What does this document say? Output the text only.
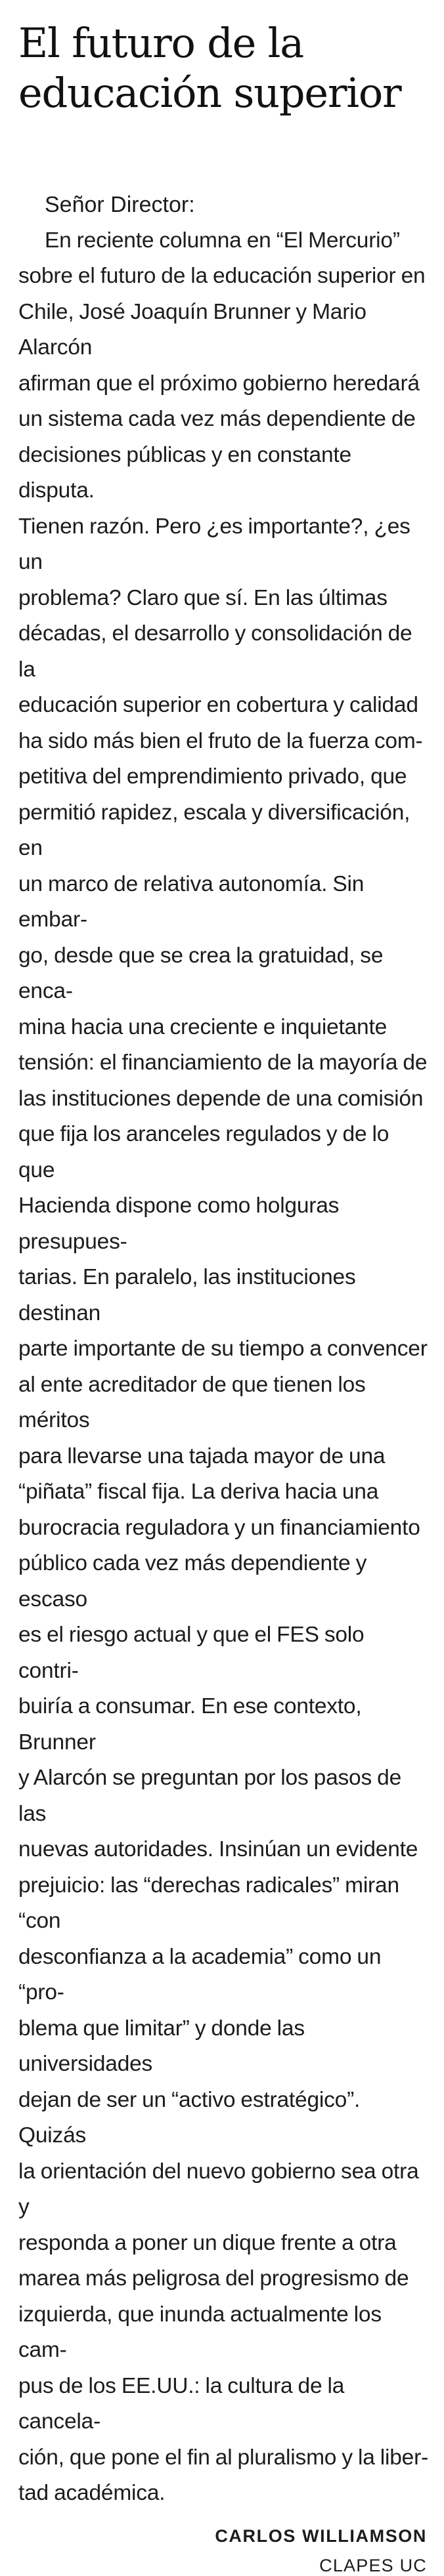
El futuro de la
educación superior

Señor Director:

En reciente columna en “El Mercurio”
sobre el futuro de la educación superior en
Chile, José Joaquín Brunner y Mario Alarcón
afirman que el próximo gobierno heredará
un sistema cada vez más dependiente de
decisiones públicas y en constante disputa.
Tienen razón. Pero ¿es importante?, ¿es un
problema? Claro que sí. En las últimas
décadas, el desarrollo y consolidación de la
educación superior en cobertura y calidad
ha sido más bien el fruto de la fuerza com-
petitiva del emprendimiento privado, que
permitió rapidez, escala y diversificación, en
un marco de relativa autonomía. Sin embar-
go, desde que se crea la gratuidad, se enca-
mina hacia una creciente e inquietante
tensión: el financiamiento de la mayoría de
las instituciones depende de una comisión
que fija los aranceles regulados y de lo que
Hacienda dispone como holguras presupues-
tarias. En paralelo, las instituciones destinan
parte importante de su tiempo a convencer
al ente acreditador de que tienen los méritos
para llevarse una tajada mayor de una
“piñata” fiscal fija. La deriva hacia una
burocracia reguladora y un financiamiento
público cada vez más dependiente y escaso
es el riesgo actual y que el FES solo contri-
buiría a consumar. En ese contexto, Brunner
y Alarcón se preguntan por los pasos de las
nuevas autoridades. Insinúan un evidente
prejuicio: las “derechas radicales” miran “con
desconfianza a la academia” como un “pro-
blema que limitar” y donde las universidades
dejan de ser un “activo estratégico”. Quizás
la orientación del nuevo gobierno sea otra y
responda a poner un dique frente a otra
marea más peligrosa del progresismo de
izquierda, que inunda actualmente los cam-
pus de los EE.UU.: la cultura de la cancela-
ción, que pone el fin al pluralismo y la liber-
tad académica.

CARLOS WILLIAMSON
CLAPES UC
